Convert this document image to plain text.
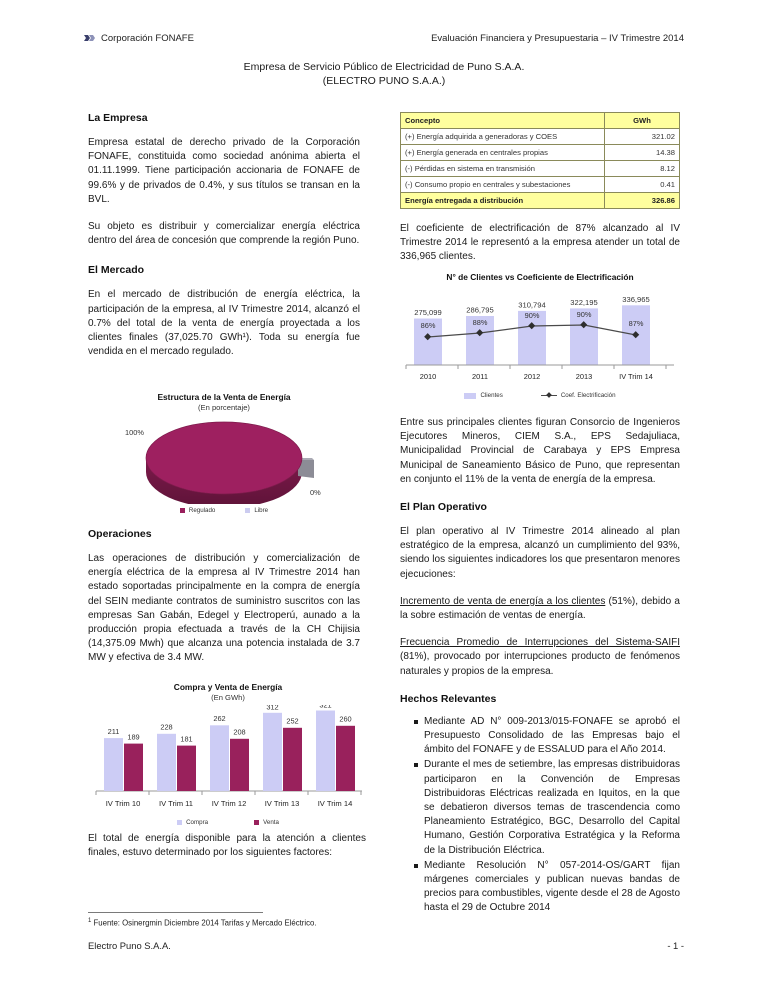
Corporación FONAFE	Evaluación Financiera y Presupuestaria – IV Trimestre 2014
Empresa de Servicio Público de Electricidad de Puno S.A.A.
(ELECTRO PUNO S.A.A.)
La Empresa

Empresa estatal de derecho privado de la Corporación FONAFE, constituida como sociedad anónima abierta el 01.11.1999. Tiene participación accionaria de FONAFE de 99.6% y de privados de 0.4%, y sus títulos se transan en la BVL.

Su objeto es distribuir y comercializar energía eléctrica dentro del área de concesión que comprende la región Puno.

El Mercado

En el mercado de distribución de energía eléctrica, la participación de la empresa, al IV Trimestre 2014, alcanzó el 0.7% del total de la venta de energía proyectada a los clientes finales (37,025.70 GWh¹). Toda su energía fue vendida en el mercado regulado.

Estructura de la Venta de Energía
(En porcentaje)
100%
0%
Regulado	Libre
Operaciones

Las operaciones de distribución y comercialización de energía eléctrica de la empresa al IV Trimestre 2014 han estado soportadas principalmente en la compra de energía del SEIN mediante contratos de suministro suscritos con las empresas San Gabán, Edegel y Electroperú, aunado a la producción propia efectuada a través de la CH Chijisia (14,375.09 Mwh) que alcanza una potencia instalada de 3.7 MW y efectiva de 3.4 MW.

Compra y Venta de Energía
(En GWh)
211
189
228
181
262
208
312
252
321
260
IV Trim 10 IV Trim 11 IV Trim 12 IV Trim 13 IV Trim 14
Compra	Venta

El total de energía disponible para la atención a clientes finales, estuvo determinado por los siguientes factores:

Concepto	GWh
(+) Energía adquirida a generadoras y COES	321.02
(+) Energía generada en centrales propias	14.38
(-) Pérdidas en sistema en transmisión	8.12
(-) Consumo propio en centrales y subestaciones	0.41
Energía entregada a distribución	326.86

El coeficiente de electrificación de 87% alcanzado al IV Trimestre 2014 le representó a la empresa atender un total de 336,965 clientes.

N° de Clientes vs Coeficiente de Electrificación
275,099	286,795
310,794	322,195	336,965
86%	88%
90%	90%
87%
2010	2011	2012	2013	IV Trim 14
Clientes	Coef. Electrificación

Entre sus principales clientes figuran Consorcio de Ingenieros Ejecutores Mineros, CIEM S.A., EPS Sedajuliaca, Municipalidad Provincial de Carabaya y EPS Empresa Municipal de Saneamiento Básico de Puno, que representan en conjunto el 11% de la venta de energía de la empresa.

El Plan Operativo

El plan operativo al IV Trimestre 2014 alineado al plan estratégico de la empresa, alcanzó un cumplimiento del 93%, siendo los siguientes indicadores los que presentaron menores ejecuciones:

Incremento de venta de energía a los clientes (51%), debido a la sobre estimación de ventas de energía.

Frecuencia Promedio de Interrupciones del Sistema-SAIFI (81%), provocado por interrupciones producto de fenómenos naturales y propios de la empresa.

Hechos Relevantes
Mediante AD N° 009-2013/015-FONAFE se aprobó el Presupuesto Consolidado de las Empresas bajo el ámbito del FONAFE y de ESSALUD para el Año 2014.
Durante el mes de setiembre, las empresas distribuidoras participaron en la Convención de Empresas Distribuidoras Eléctricas realizada en Iquitos, en la que se debatieron diversos temas de trascendencia como Planeamiento Estratégico, BGC, Desarrollo del Capital Humano, Gestión Corporativa Estratégica y la Reforma de la Distribución Eléctrica.
Mediante Resolución N° 057-2014-OS/GART fijan márgenes comerciales y publican nuevas bandas de precios para combustibles, vigente desde el 28 de Agosto hasta el 29 de Octubre 2014
$^1$ Fuente: Osinergmin Diciembre 2014 Tarifas y Mercado Eléctrico.
Electro Puno S.A.A.	- 1 -
